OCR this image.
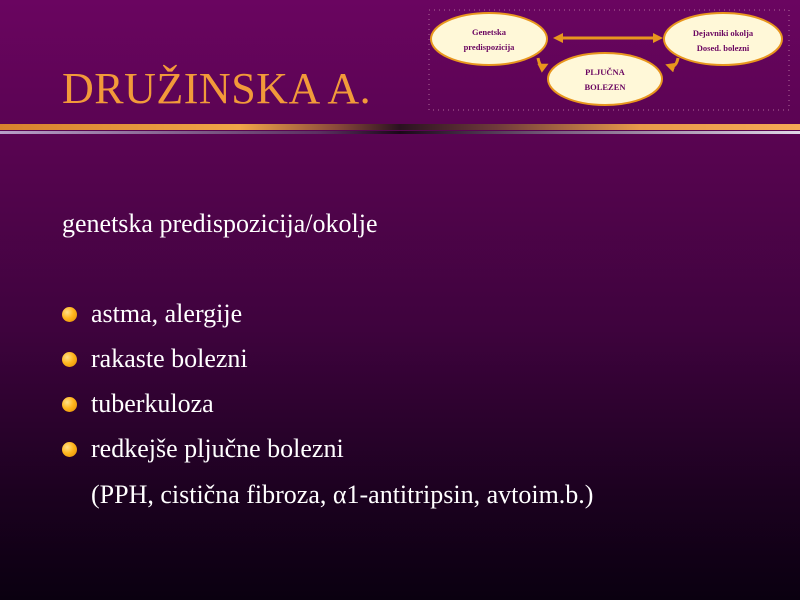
DRUŽINSKA A.
Genetska
predispozicija
PLJUČNA
BOLEZEN
Dejavniki okolja
Dosed. bolezni
genetska predispozicija/okolje
astma, alergije
rakaste bolezni
tuberkuloza
redkejše pljučne bolezni
(PPH, cistična fibroza, α1-antitripsin, avtoim.b.)
